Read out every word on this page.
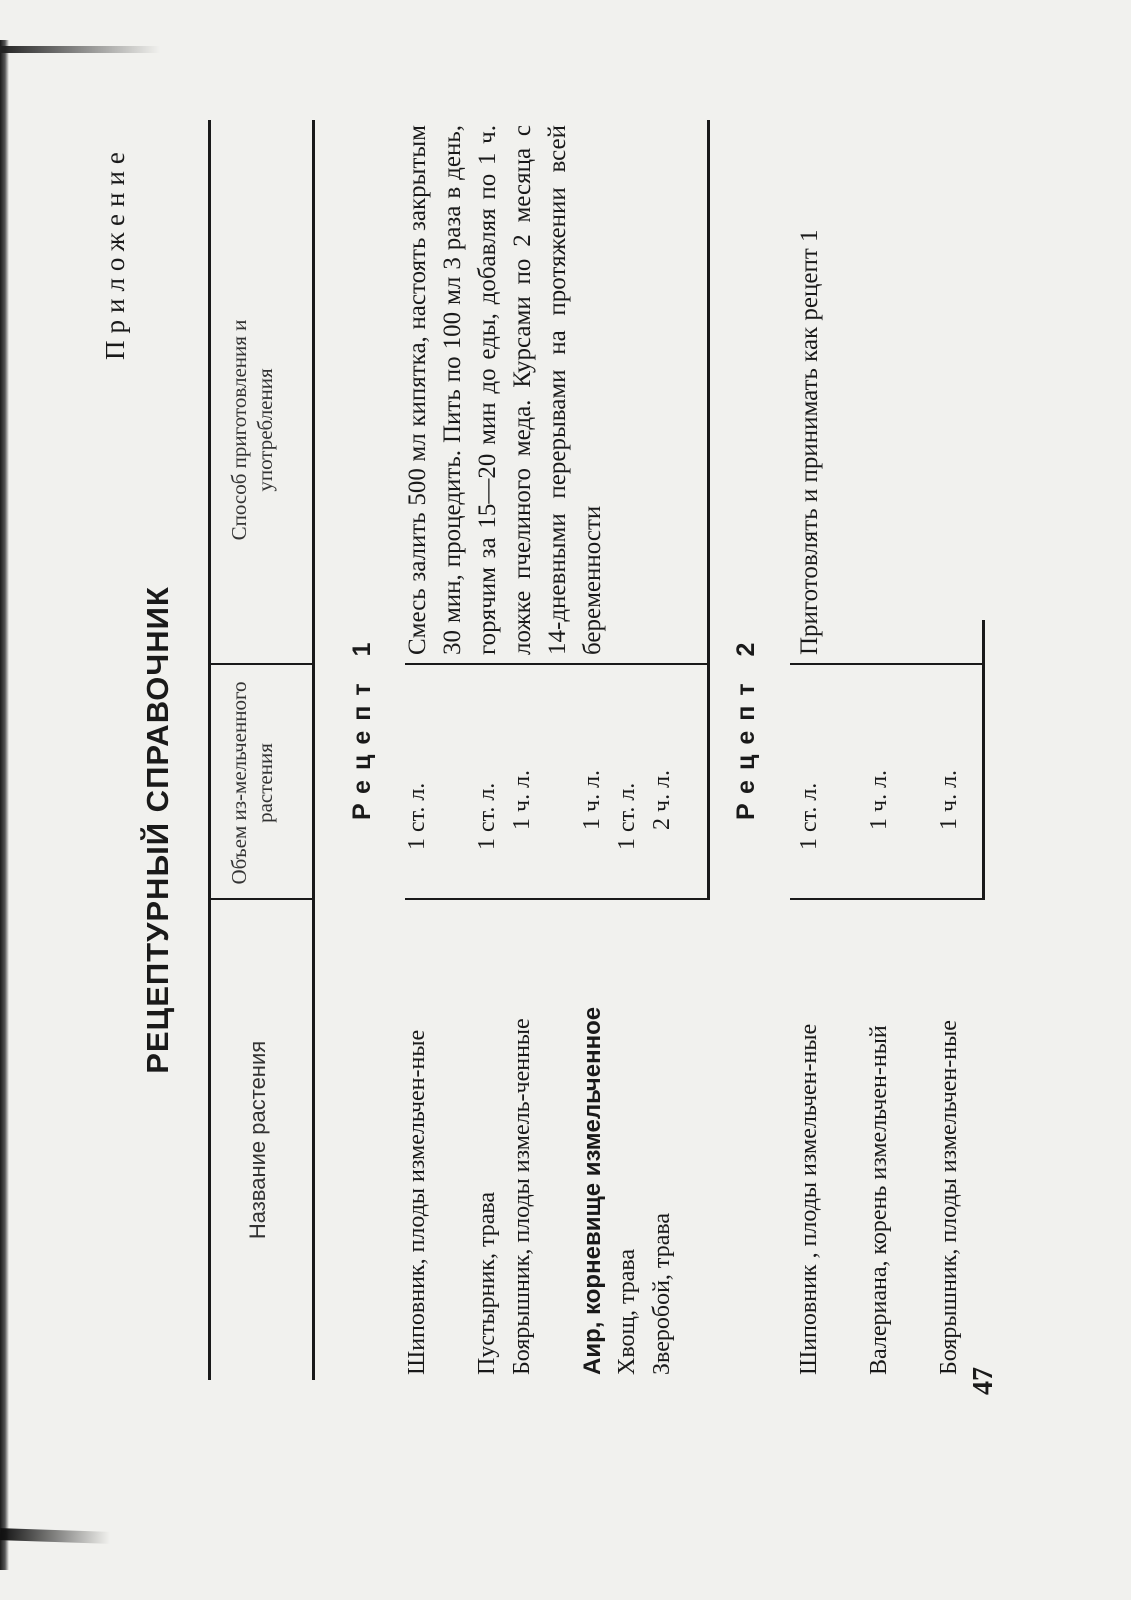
Приложение
РЕЦЕПТУРНЫЙ СПРАВОЧНИК
Название растения
Объем из-мельченного растения
Способ приготовления и употребления
Рецепт 1
Шиповник, плоды измельчен-ные Пустырник, трава Боярышник, плоды измель-ченные Аир, корневище измельченное Хвощ, трава Зверобой, трава
1 ст. л. 1 ст. л. 1 ч. л. 1 ч. л. 1 ст. л. 2 ч. л.
Смесь залить 500 мл кипятка, настоять закрытым 30 мин, процедить. Пить по 100 мл 3 раза в день, горячим за 15—20 мин до еды, добавляя по 1 ч. ложке пчелиного меда. Курсами по 2 месяца с 14-дневными перерывами на протяжении всей беременности
Рецепт 2
Шиповник , плоды измельчен-ные Валериана, корень измельчен-ный Боярышник, плоды измельчен-ные
1 ст. л. 1 ч. л. 1 ч. л.
Приготовлять и принимать как рецепт 1
47
